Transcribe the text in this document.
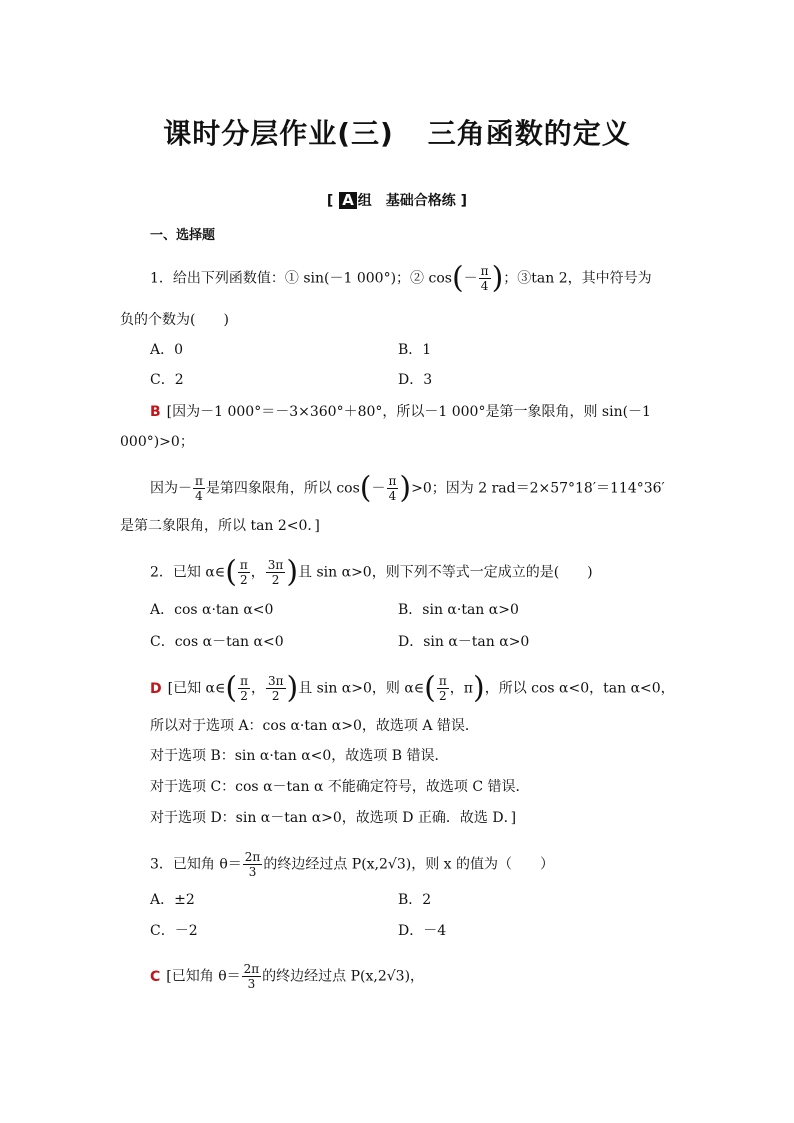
课时分层作业(三) 三角函数的定义
[ A 组　基础合格练 ]
一、选择题
1．给出下列函数值：① sin(－1 000°)；② $\cos(- \frac{\pi}{4}$ )；③tan 2，其中符号为
负的个数为(　　)
A．0	B．1
C．2	D．3
B [因为－1 000°＝－3×360°＋80°，所以－1 000°是第一象限角，则 sin(－1
000°)>0；
因为－ $\frac{\pi}{4}$ 是第四象限角，所以 $\cos(- \frac{\pi}{4} )>0$；因为 2 rad＝2×57°18′＝114°36′
是第二象限角，所以 tan 2<0．]
2．已知 α∈( $\frac{\pi}{2}$ ， $\frac{3\pi}{2}$ )且 sin α>0，则下列不等式一定成立的是(　　)
A．cos α·tan α<0	B．sin α·tan α>0
C．cos α－tan α<0	D．sin α－tan α>0
D [已知 α∈( $\frac{\pi}{2}$ ， $\frac{3\pi}{2}$ )且 sin α>0，则 α∈( $\frac{\pi}{2}$ ，π)，所以 cos α<0，tan α<0，
所以对于选项 A：cos α·tan α>0，故选项 A 错误．
对于选项 B：sin α·tan α<0，故选项 B 错误．
对于选项 C：cos α－tan α 不能确定符号，故选项 C 错误．
对于选项 D：sin α－tan α>0，故选项 D 正确．故选 D．]
3．已知角 $\theta= \frac{2\pi}{3}$ 的终边经过点 P(x,2√3)，则 x 的值为（　　）
A．±2	B．2
C．－2	D．－4
C [已知角 $\theta= \frac{2\pi}{3}$ 的终边经过点 P(x,2√3)，
